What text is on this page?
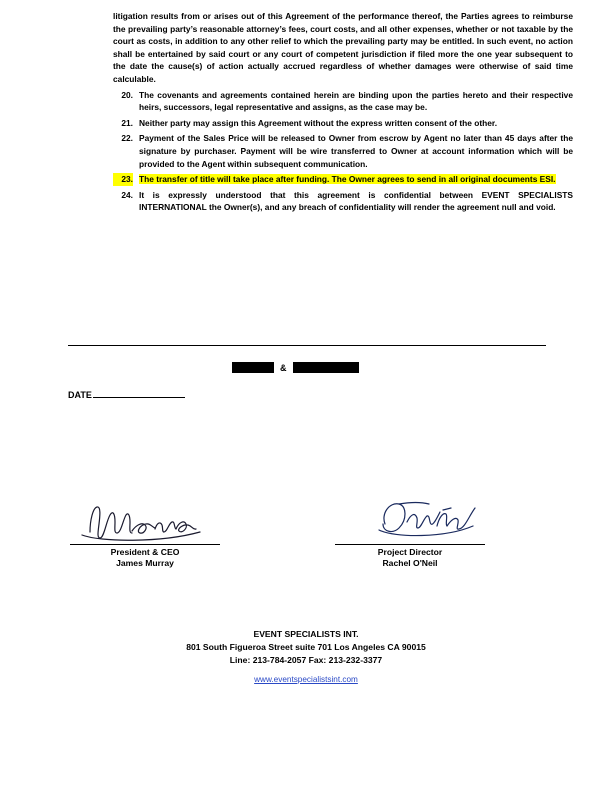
litigation results from or arises out of this Agreement of the performance thereof, the Parties agrees to reimburse the prevailing party’s reasonable attorney’s fees, court costs, and all other expenses, whether or not taxable by the court as costs, in addition to any other relief to which the prevailing party may be entitled. In such event, no action shall be entertained by said court or any court of competent jurisdiction if filed more the one year subsequent to the date the cause(s) of action actually accrued regardless of whether damages were otherwise of said time calculable.

20. The covenants and agreements contained herein are binding upon the parties hereto and their respective heirs, successors, legal representative and assigns, as the case may be.
21. Neither party may assign this Agreement without the express written consent of the other.
22. Payment of the Sales Price will be released to Owner from escrow by Agent no later than 45 days after the signature by purchaser. Payment will be wire transferred to Owner at account information which will be provided to the Agent within subsequent communication.
23. The transfer of title will take place after funding. The Owner agrees to send in all original documents ESI.
24. It is expressly understood that this agreement is confidential between EVENT SPECIALISTS INTERNATIONAL the Owner(s), and any breach of confidentiality will render the agreement null and void.
&
DATE
President & CEO
James Murray
Project Director
Rachel O'Neil
EVENT SPECIALISTS INT.
801 South Figueroa Street suite 701 Los Angeles CA 90015
Line: 213-784-2057 Fax: 213-232-3377
www.eventspecialistsint.com
